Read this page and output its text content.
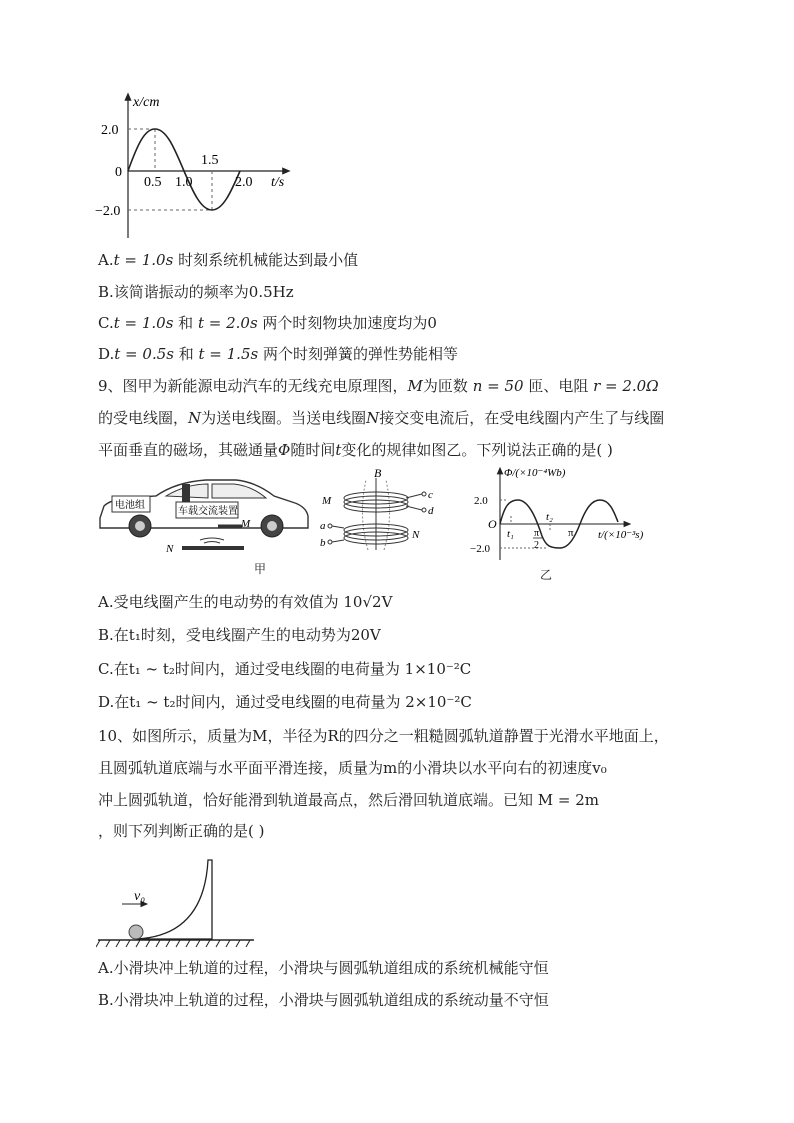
x/cm
t/s
2.0
0
−2.0
0.5 1.0
1.5
2.0
A.t = 1.0s 时刻系统机械能达到最小值
B.该简谐振动的频率为0.5Hz
C.t = 1.0s 和 t = 2.0s 两个时刻物块加速度均为0
D.t = 0.5s 和 t = 1.5s 两个时刻弹簧的弹性势能相等
9、图甲为新能源电动汽车的无线充电原理图，M为匝数 n = 50 匝、电阻 r = 2.0Ω
的受电线圈，N为送电线圈。当送电线圈N接交变电流后，在受电线圈内产生了与线圈
平面垂直的磁场，其磁通量Φ随时间t变化的规律如图乙。下列说法正确的是( )
电池组
车载交流装置
M
N
B
c
d
M
a
b
N
甲
Φ/(×10⁻⁴Wb)
t/(×10⁻³s)
2.0
−2.0
O
t₁
t₂
π
2
π
乙
A.受电线圈产生的电动势的有效值为 10√2V
B.在t₁时刻，受电线圈产生的电动势为20V
C.在t₁ ~ t₂时间内，通过受电线圈的电荷量为 1×10⁻²C
D.在t₁ ~ t₂时间内，通过受电线圈的电荷量为 2×10⁻²C
10、如图所示，质量为M，半径为R的四分之一粗糙圆弧轨道静置于光滑水平地面上，
且圆弧轨道底端与水平面平滑连接，质量为m的小滑块以水平向右的初速度v₀
冲上圆弧轨道，恰好能滑到轨道最高点，然后滑回轨道底端。已知 M = 2m
，则下列判断正确的是( )
v₀
A.小滑块冲上轨道的过程，小滑块与圆弧轨道组成的系统机械能守恒
B.小滑块冲上轨道的过程，小滑块与圆弧轨道组成的系统动量不守恒
